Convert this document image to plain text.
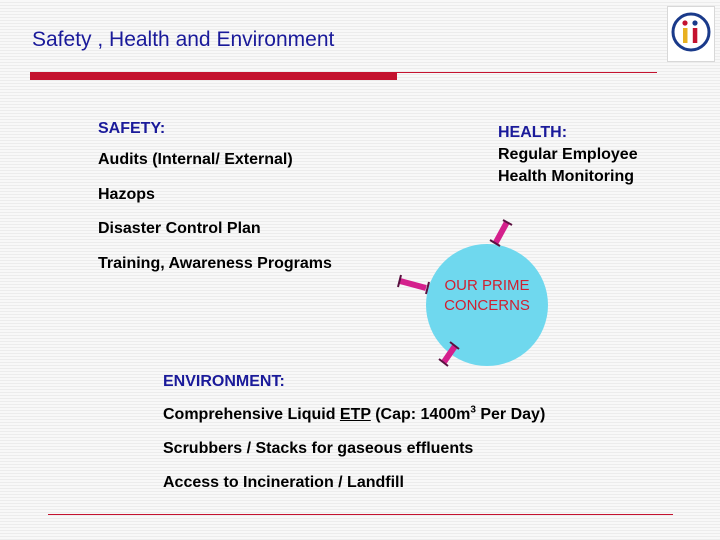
Safety , Health and Environment
SAFETY:
Audits (Internal/ External)
Hazops
Disaster Control Plan
Training, Awareness Programs
HEALTH:
Regular Employee
Health Monitoring
OUR PRIME
CONCERNS
ENVIRONMENT:
Comprehensive Liquid ETP (Cap: $1400m^3$ Per Day)
Scrubbers / Stacks for gaseous effluents
Access to Incineration / Landfill
